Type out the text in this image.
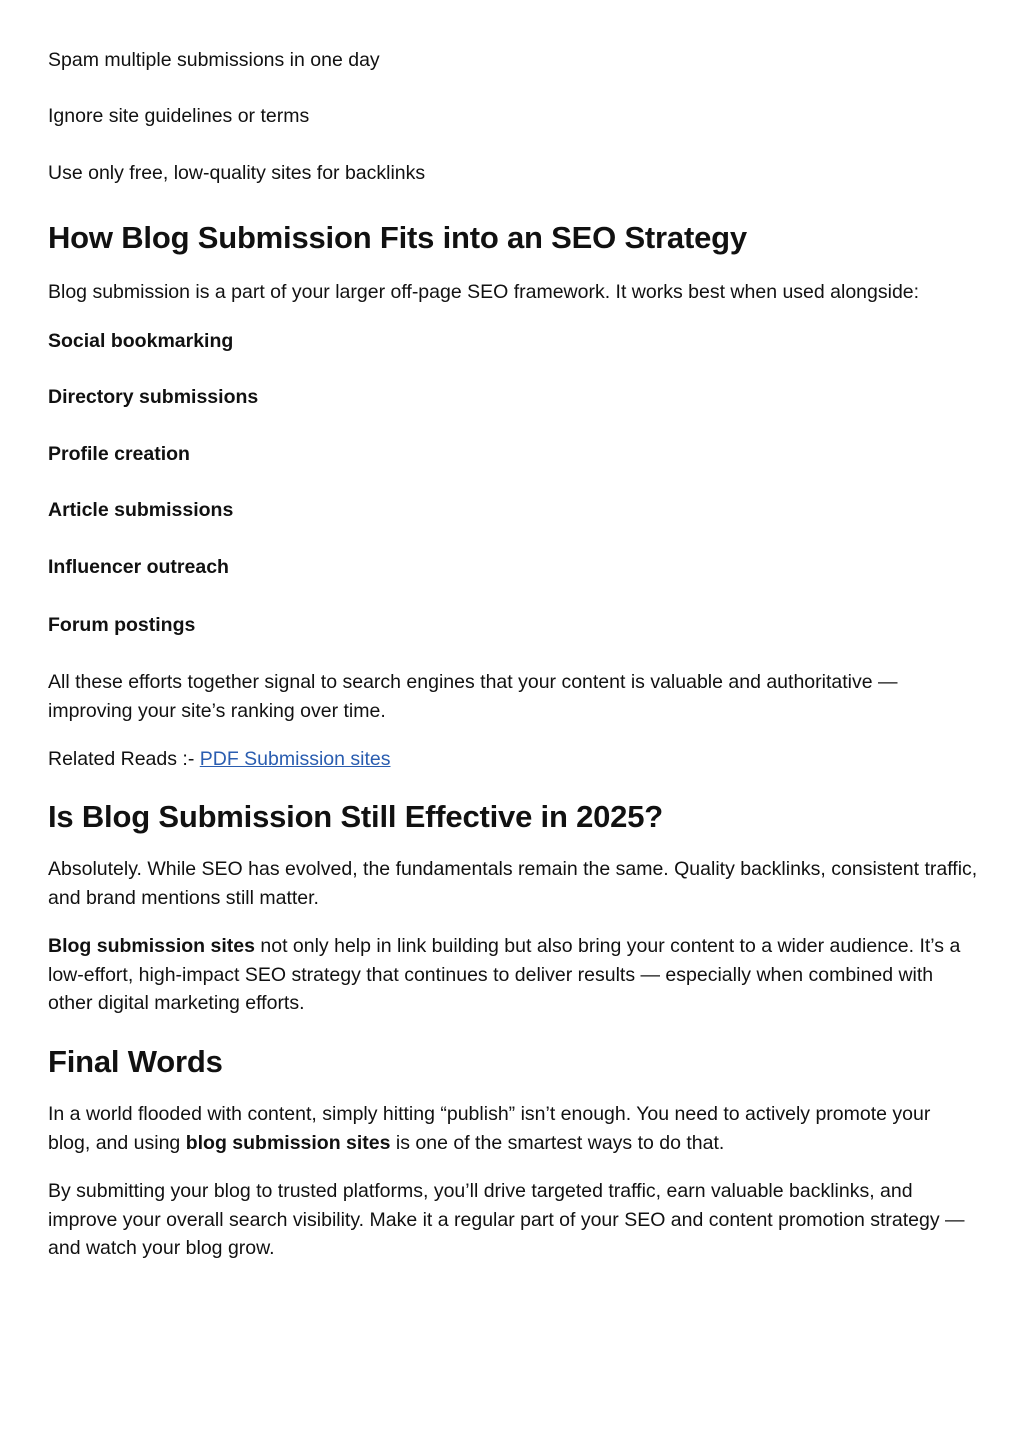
Spam multiple submissions in one day

Ignore site guidelines or terms

Use only free, low-quality sites for backlinks

How Blog Submission Fits into an SEO Strategy

Blog submission is a part of your larger off-page SEO framework. It works best when used alongside:

Social bookmarking

Directory submissions

Profile creation

Article submissions

Influencer outreach

Forum postings

All these efforts together signal to search engines that your content is valuable and authoritative — improving your site’s ranking over time.

Related Reads :- PDF Submission sites

Is Blog Submission Still Effective in 2025?

Absolutely. While SEO has evolved, the fundamentals remain the same. Quality backlinks, consistent traffic, and brand mentions still matter.

Blog submission sites not only help in link building but also bring your content to a wider audience. It’s a low-effort, high-impact SEO strategy that continues to deliver results — especially when combined with other digital marketing efforts.

Final Words

In a world flooded with content, simply hitting “publish” isn’t enough. You need to actively promote your blog, and using blog submission sites is one of the smartest ways to do that.

By submitting your blog to trusted platforms, you’ll drive targeted traffic, earn valuable backlinks, and improve your overall search visibility. Make it a regular part of your SEO and content promotion strategy — and watch your blog grow.
